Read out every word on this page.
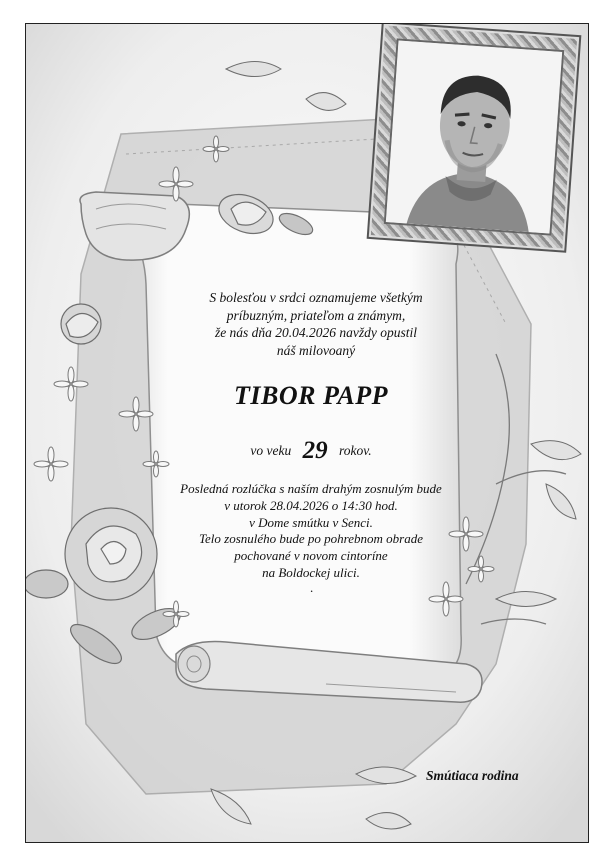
S bolesťou v srdci oznamujeme všetkým
príbuzným, priateľom a známym,
že nás dňa 20.04.2026 navždy opustil
náš milovoaný
TIBOR PAPP
vo veku 29 rokov.
Posledná rozlúčka s naším drahým zosnulým bude
v utorok 28.04.2026 o 14:30 hod.
v Dome smútku v Senci.
Telo zosnulého bude po pohrebnom obrade
pochované v novom cintoríne
na Boldockej ulici.
.
Smútiaca rodina
